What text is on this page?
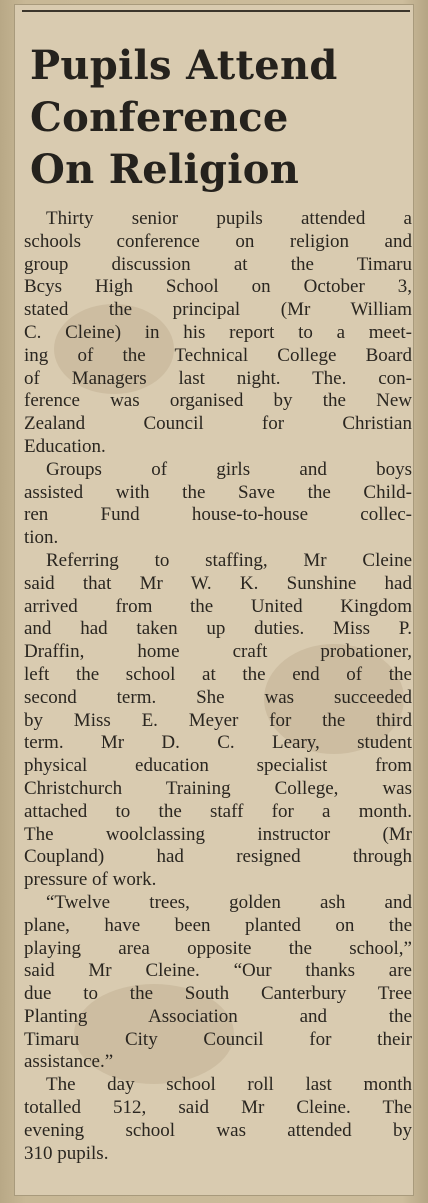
Pupils Attend
Conference
On Religion
Thirty senior pupils attended a
schools conference on religion and
group discussion at the Timaru
Bcys High School on October 3,
stated the principal (Mr William
C. Cleine) in his report to a meet-
ing of the Technical College Board
of Managers last night. The. con-
ference was organised by the New
Zealand Council for Christian
Education.
Groups of girls and boys
assisted with the Save the Child-
ren Fund house-to-house collec-
tion.
Referring to staffing, Mr Cleine
said that Mr W. K. Sunshine had
arrived from the United Kingdom
and had taken up duties. Miss P.
Draffin, home craft probationer,
left the school at the end of the
second term. She was succeeded
by Miss E. Meyer for the third
term. Mr D. C. Leary, student
physical education specialist from
Christchurch Training College, was
attached to the staff for a month.
The woolclassing instructor (Mr
Coupland) had resigned through
pressure of work.
“Twelve trees, golden ash and
plane, have been planted on the
playing area opposite the school,”
said Mr Cleine. “Our thanks are
due to the South Canterbury Tree
Planting Association and the
Timaru City Council for their
assistance.”
The day school roll last month
totalled 512, said Mr Cleine. The
evening school was attended by
310 pupils.
